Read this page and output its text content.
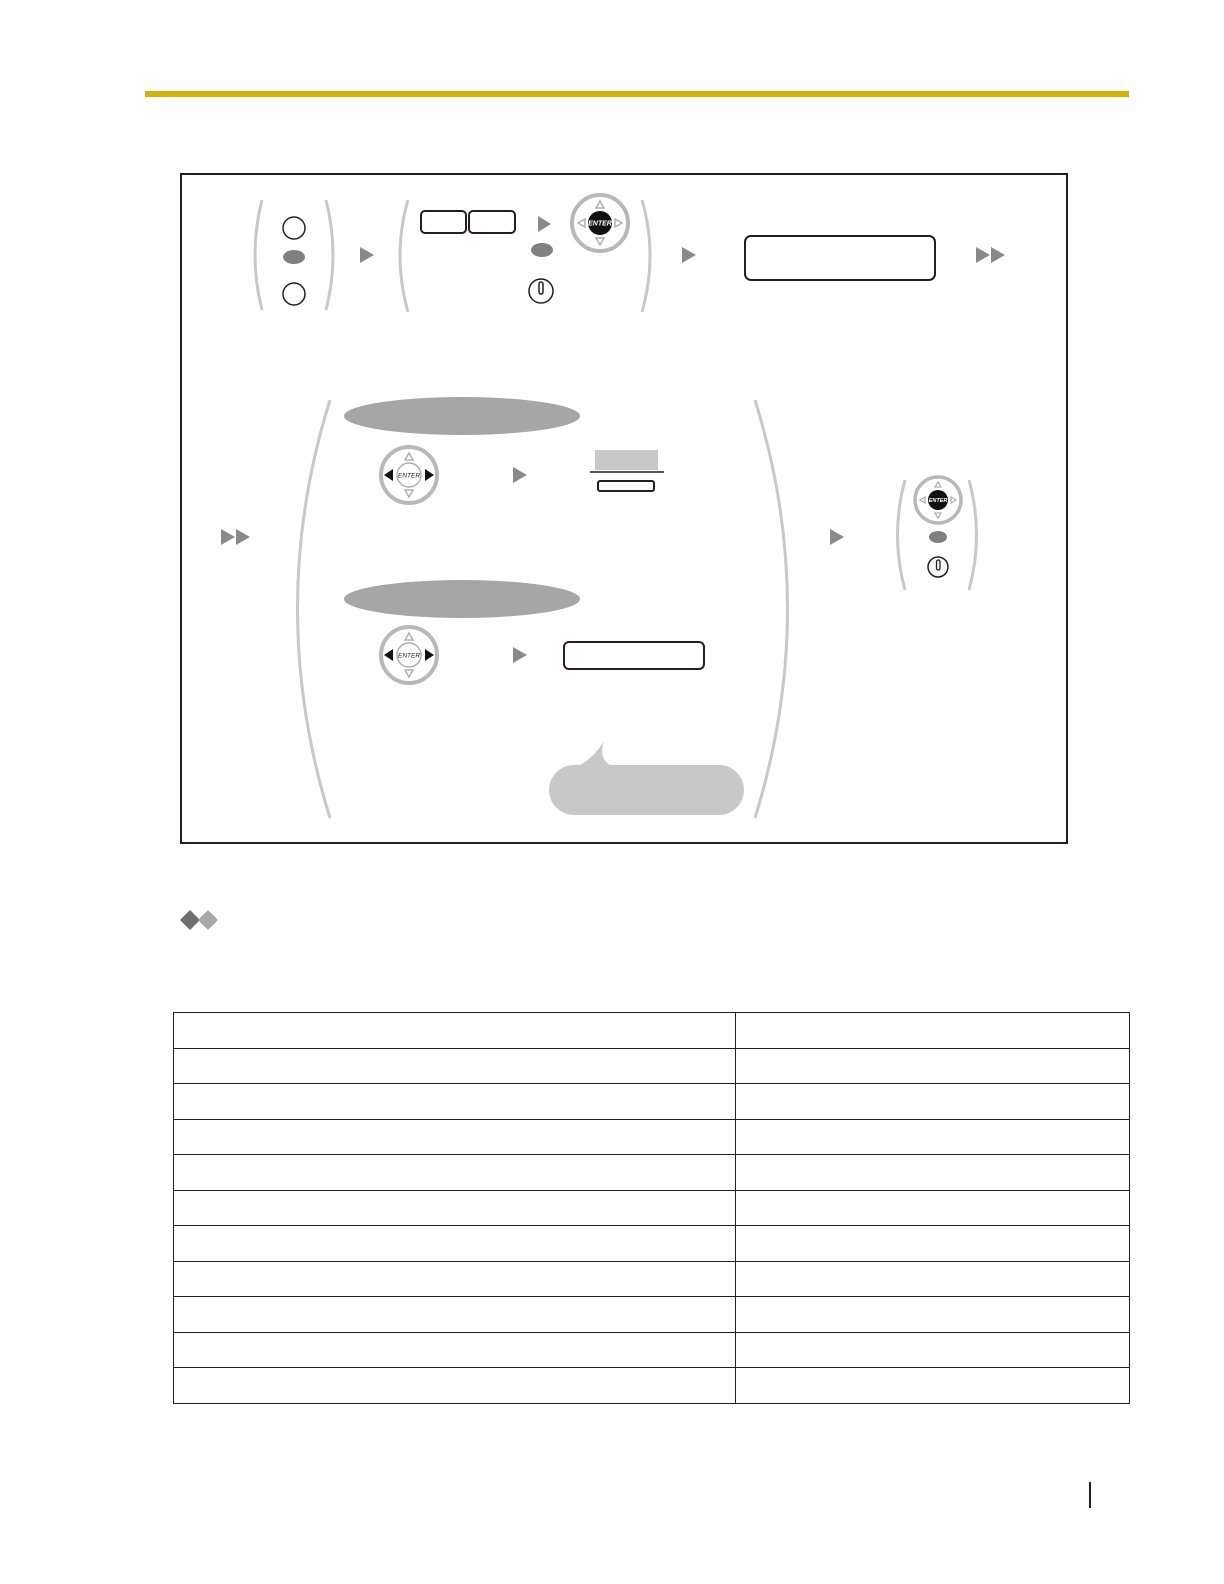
ENTER
ENTER
ENTER
ENTER
